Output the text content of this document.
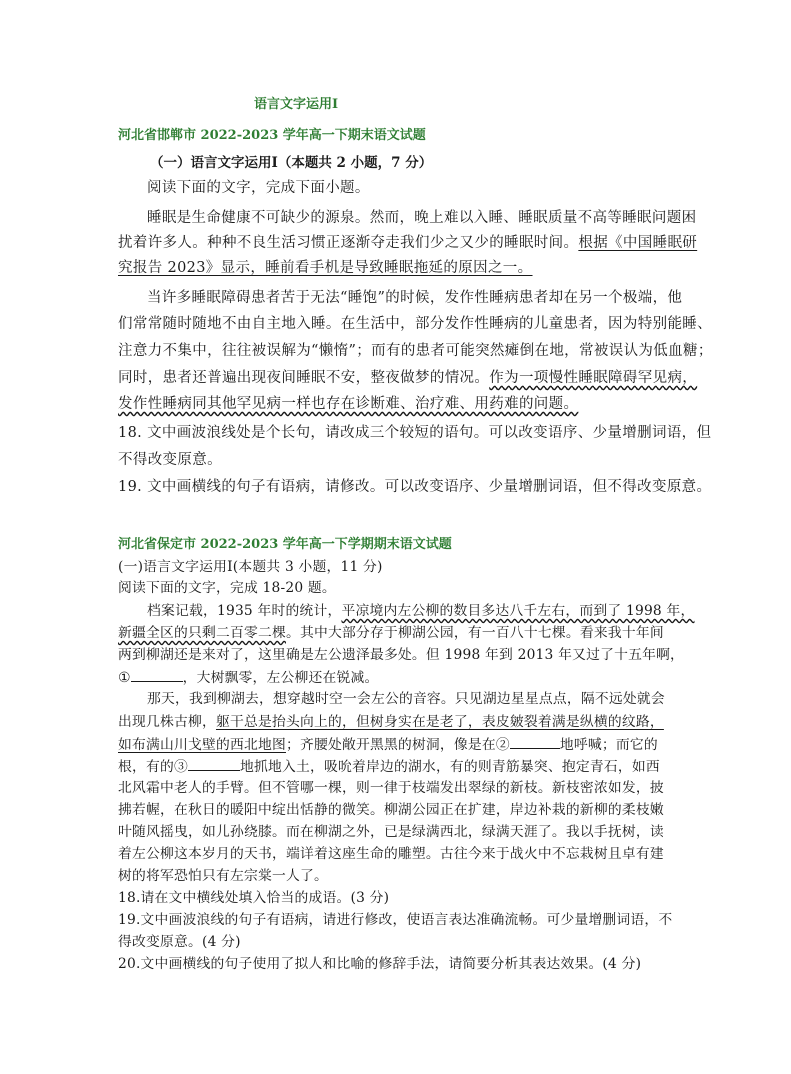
语言文字运用Ⅰ
河北省邯郸市 2022-2023 学年高一下期末语文试题
（一）语言文字运用Ⅰ（本题共 2 小题，7 分）
阅读下面的文字，完成下面小题。
睡眠是生命健康不可缺少的源泉。然而，晚上难以入睡、睡眠质量不高等睡眠问题困
扰着许多人。种种不良生活习惯正逐渐夺走我们少之又少的睡眠时间。根据《中国睡眠研
究报告 2023》显示，睡前看手机是导致睡眠拖延的原因之一。
当许多睡眠障碍患者苦于无法“睡饱”的时候，发作性睡病患者却在另一个极端，他
们常常随时随地不由自主地入睡。在生活中，部分发作性睡病的儿童患者，因为特别能睡、
注意力不集中，往往被误解为“懒惰”；而有的患者可能突然瘫倒在地，常被误认为低血糖；
同时，患者还普遍出现夜间睡眠不安，整夜做梦的情况。作为一项慢性睡眠障碍罕见病，
发作性睡病同其他罕见病一样也存在诊断难、治疗难、用药难的问题。
18. 文中画波浪线处是个长句，请改成三个较短的语句。可以改变语序、少量增删词语，但
不得改变原意。
19. 文中画横线的句子有语病，请修改。可以改变语序、少量增删词语，但不得改变原意。
河北省保定市 2022-2023 学年高一下学期期末语文试题
(一)语言文字运用Ⅰ(本题共 3 小题，11 分)
阅读下面的文字，完成 18-20 题。
档案记载，1935 年时的统计，平凉境内左公柳的数目多达八千左右，而到了 1998 年，
新疆全区的只剩二百零二棵。其中大部分存于柳湖公园，有一百八十七棵。看来我十年间
两到柳湖还是来对了，这里确是左公遗泽最多处。但 1998 年到 2013 年又过了十五年啊，
①	，大树飘零，左公柳还在锐减。
那天，我到柳湖去，想穿越时空一会左公的音容。只见湖边星星点点，隔不远处就会
出现几株古柳，躯干总是抬头向上的，但树身实在是老了，表皮皴裂着满是纵横的纹路，
如布满山川戈壁的西北地图；齐腰处敞开黑黑的树洞，像是在②	地呼喊；而它的
根，有的③	地抓地入土，吸吮着岸边的湖水，有的则青筋暴突、抱定青石，如西
北风霜中老人的手臂。但不管哪一棵，则一律于枝端发出翠绿的新枝。新枝密浓如发，披
拂若幄，在秋日的暖阳中绽出恬静的微笑。柳湖公园正在扩建，岸边补栽的新柳的柔枝嫩
叶随风摇曳，如儿孙绕膝。而在柳湖之外，已是绿满西北，绿满天涯了。我以手抚树，读
着左公柳这本岁月的天书，端详着这座生命的雕塑。古往今来于战火中不忘栽树且卓有建
树的将军恐怕只有左宗棠一人了。
18.请在文中横线处填入恰当的成语。(3 分)
19.文中画波浪线的句子有语病，请进行修改，使语言表达准确流畅。可少量增删词语，不
得改变原意。(4 分)
20.文中画横线的句子使用了拟人和比喻的修辞手法，请简要分析其表达效果。(4 分)
